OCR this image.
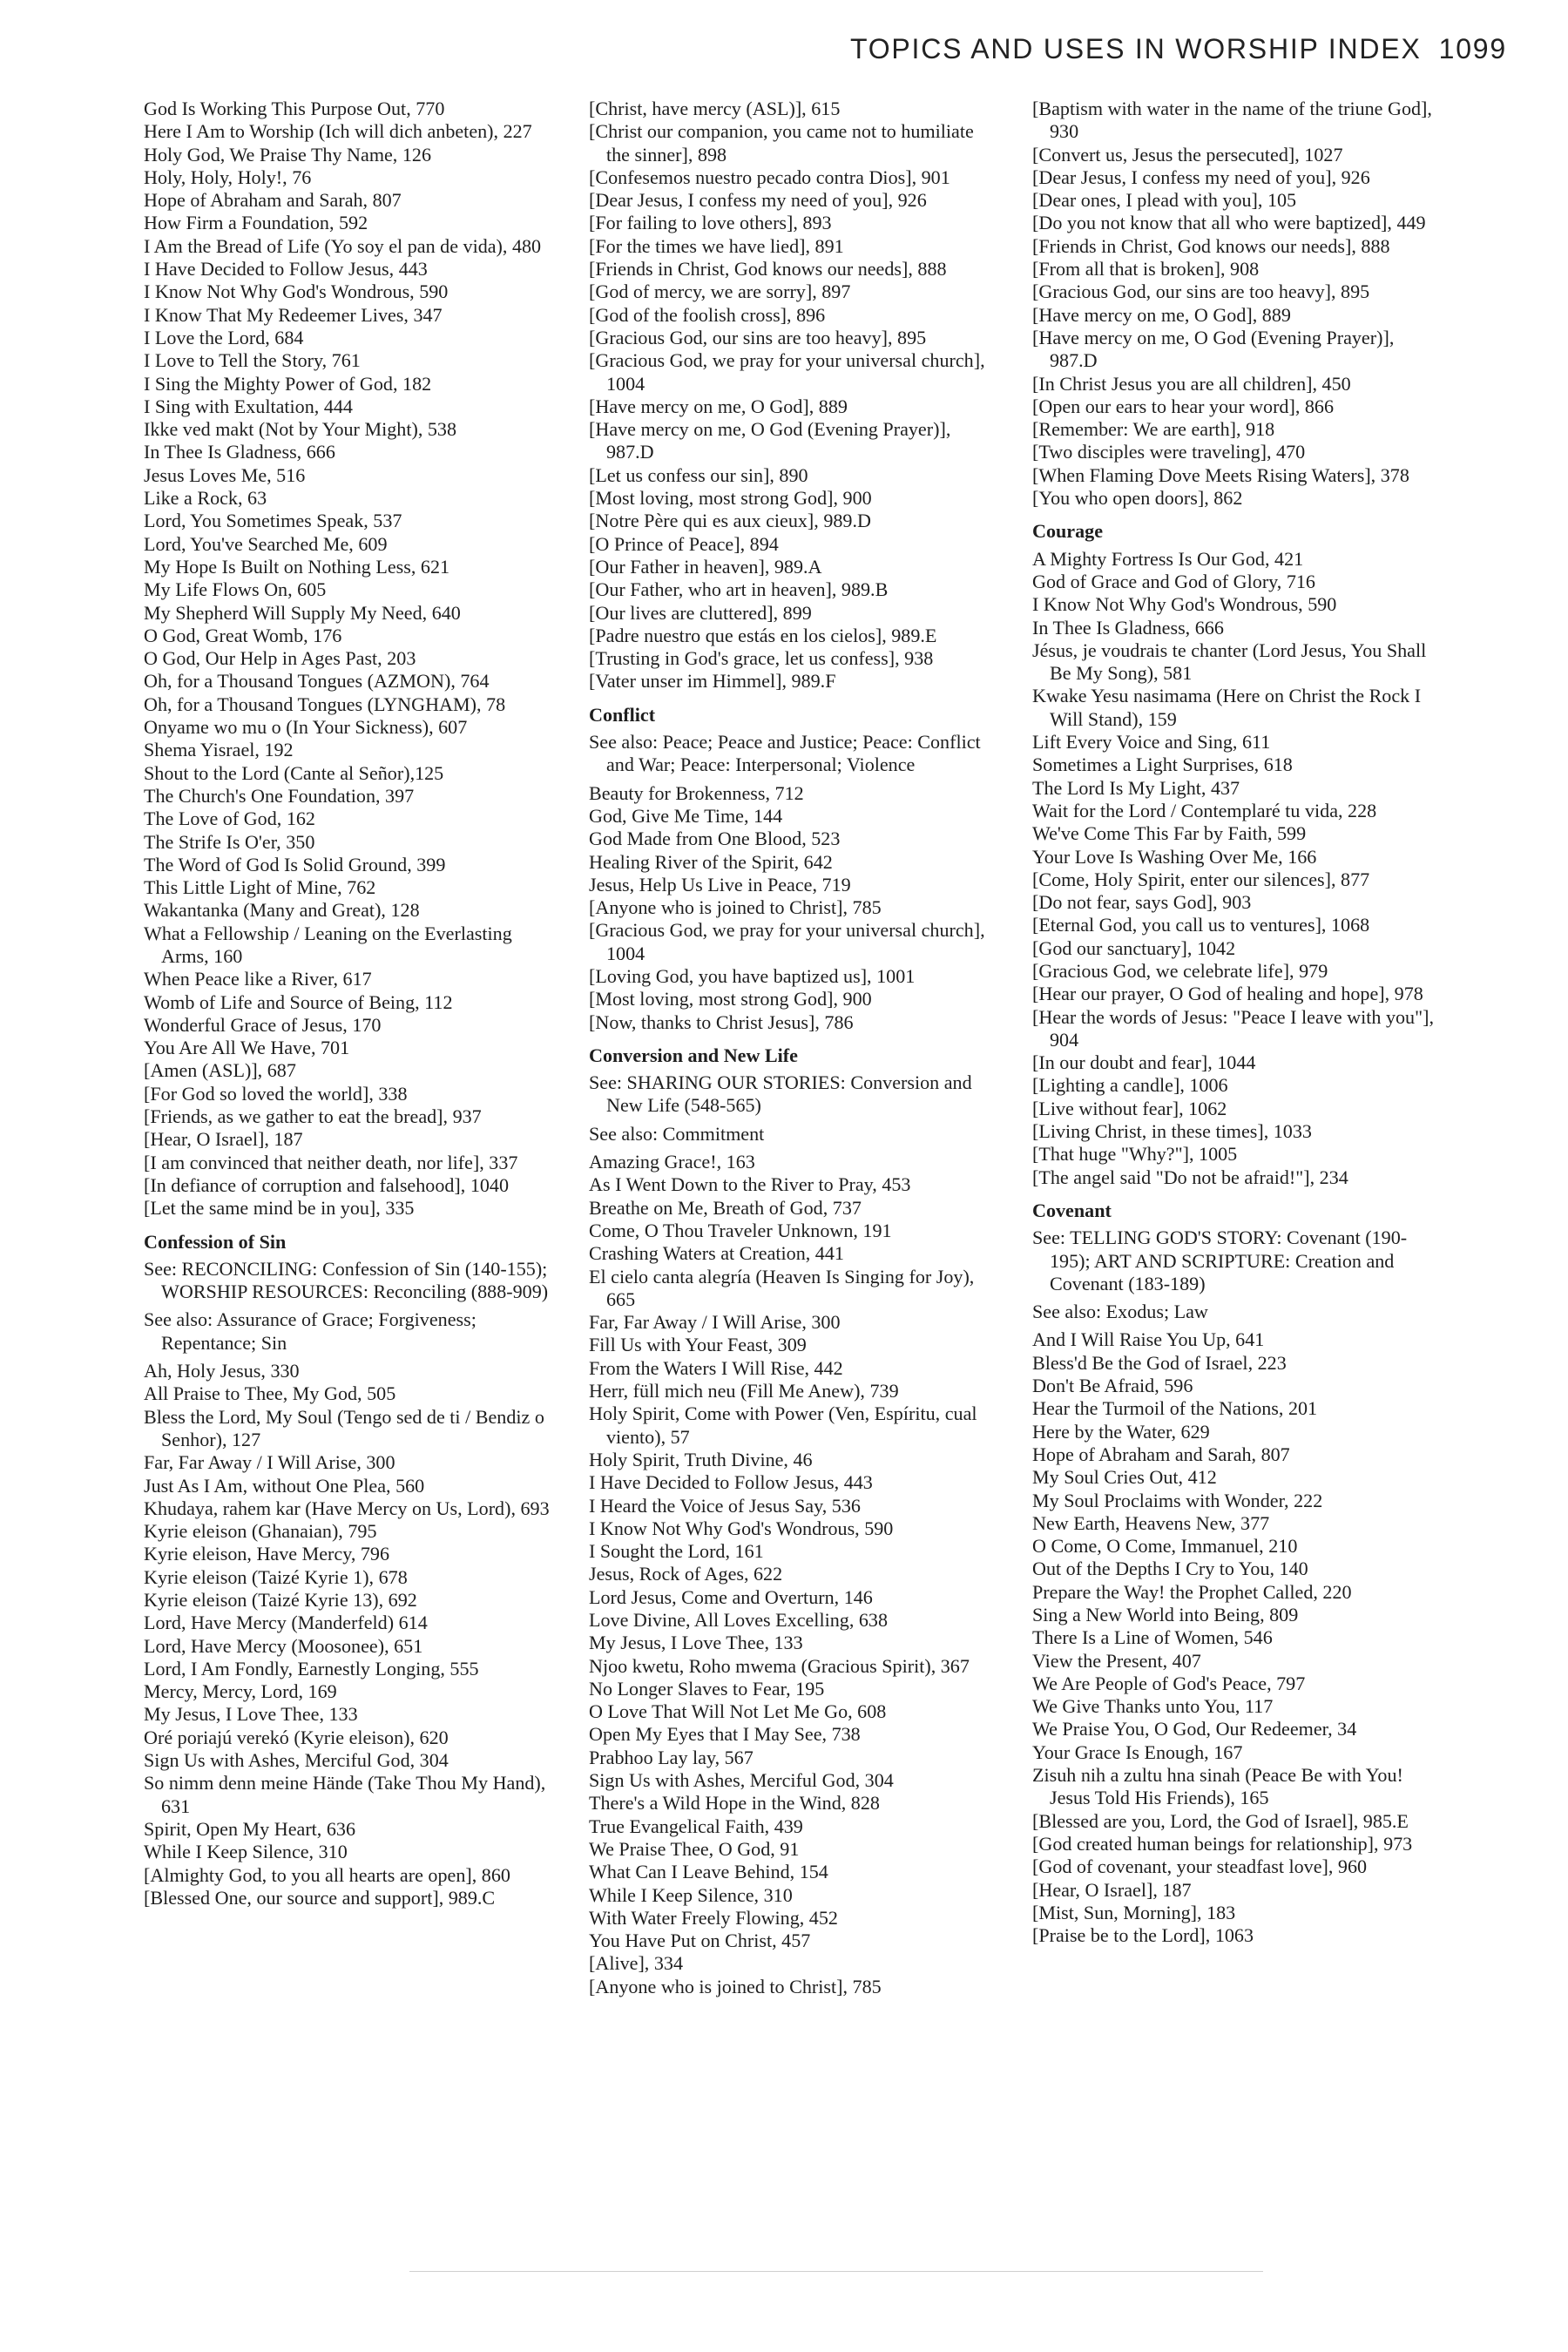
TOPICS AND USES IN WORSHIP INDEX 1099
God Is Working This Purpose Out, 770
Here I Am to Worship (Ich will dich anbeten), 227
Holy God, We Praise Thy Name, 126
Holy, Holy, Holy!, 76
Hope of Abraham and Sarah, 807
How Firm a Foundation, 592
I Am the Bread of Life (Yo soy el pan de vida), 480
I Have Decided to Follow Jesus, 443
I Know Not Why God's Wondrous, 590
I Know That My Redeemer Lives, 347
I Love the Lord, 684
I Love to Tell the Story, 761
I Sing the Mighty Power of God, 182
I Sing with Exultation, 444
Ikke ved makt (Not by Your Might), 538
In Thee Is Gladness, 666
Jesus Loves Me, 516
Like a Rock, 63
Lord, You Sometimes Speak, 537
Lord, You've Searched Me, 609
My Hope Is Built on Nothing Less, 621
My Life Flows On, 605
My Shepherd Will Supply My Need, 640
O God, Great Womb, 176
O God, Our Help in Ages Past, 203
Oh, for a Thousand Tongues (AZMON), 764
Oh, for a Thousand Tongues (LYNGHAM), 78
Onyame wo mu o (In Your Sickness), 607
Shema Yisrael, 192
Shout to the Lord (Cante al Señor),125
The Church's One Foundation, 397
The Love of God, 162
The Strife Is O'er, 350
The Word of God Is Solid Ground, 399
This Little Light of Mine, 762
Wakantanka (Many and Great), 128
What a Fellowship / Leaning on the Everlasting Arms, 160
When Peace like a River, 617
Womb of Life and Source of Being, 112
Wonderful Grace of Jesus, 170
You Are All We Have, 701
[Amen (ASL)], 687
[For God so loved the world], 338
[Friends, as we gather to eat the bread], 937
[Hear, O Israel], 187
[I am convinced that neither death, nor life], 337
[In defiance of corruption and falsehood], 1040
[Let the same mind be in you], 335
Confession of Sin
See: RECONCILING: Confession of Sin (140-155); WORSHIP RESOURCES: Reconciling (888-909)
See also: Assurance of Grace; Forgiveness; Repentance; Sin
Ah, Holy Jesus, 330
All Praise to Thee, My God, 505
Bless the Lord, My Soul (Tengo sed de ti / Bendiz o Senhor), 127
Far, Far Away / I Will Arise, 300
Just As I Am, without One Plea, 560
Khudaya, rahem kar (Have Mercy on Us, Lord), 693
Kyrie eleison (Ghanaian), 795
Kyrie eleison, Have Mercy, 796
Kyrie eleison (Taizé Kyrie 1), 678
Kyrie eleison (Taizé Kyrie 13), 692
Lord, Have Mercy (Manderfeld) 614
Lord, Have Mercy (Moosonee), 651
Lord, I Am Fondly, Earnestly Longing, 555
Mercy, Mercy, Lord, 169
My Jesus, I Love Thee, 133
Oré poriajú verekó (Kyrie eleison), 620
Sign Us with Ashes, Merciful God, 304
So nimm denn meine Hände (Take Thou My Hand), 631
Spirit, Open My Heart, 636
While I Keep Silence, 310
[Almighty God, to you all hearts are open], 860
[Blessed One, our source and support], 989.C
[Christ, have mercy (ASL)], 615
[Christ our companion, you came not to humiliate the sinner], 898
[Confesemos nuestro pecado contra Dios], 901
[Dear Jesus, I confess my need of you], 926
[For failing to love others], 893
[For the times we have lied], 891
[Friends in Christ, God knows our needs], 888
[God of mercy, we are sorry], 897
[God of the foolish cross], 896
[Gracious God, our sins are too heavy], 895
[Gracious God, we pray for your universal church], 1004
[Have mercy on me, O God], 889
[Have mercy on me, O God (Evening Prayer)], 987.D
[Let us confess our sin], 890
[Most loving, most strong God], 900
[Notre Père qui es aux cieux], 989.D
[O Prince of Peace], 894
[Our Father in heaven], 989.A
[Our Father, who art in heaven], 989.B
[Our lives are cluttered], 899
[Padre nuestro que estás en los cielos], 989.E
[Trusting in God's grace, let us confess], 938
[Vater unser im Himmel], 989.F
Conflict
See also: Peace; Peace and Justice; Peace: Conflict and War; Peace: Interpersonal; Violence
Beauty for Brokenness, 712
God, Give Me Time, 144
God Made from One Blood, 523
Healing River of the Spirit, 642
Jesus, Help Us Live in Peace, 719
[Anyone who is joined to Christ], 785
[Gracious God, we pray for your universal church], 1004
[Loving God, you have baptized us], 1001
[Most loving, most strong God], 900
[Now, thanks to Christ Jesus], 786
Conversion and New Life
See: SHARING OUR STORIES: Conversion and New Life (548-565)
See also: Commitment
Amazing Grace!, 163
As I Went Down to the River to Pray, 453
Breathe on Me, Breath of God, 737
Come, O Thou Traveler Unknown, 191
Crashing Waters at Creation, 441
El cielo canta alegría (Heaven Is Singing for Joy), 665
Far, Far Away / I Will Arise, 300
Fill Us with Your Feast, 309
From the Waters I Will Rise, 442
Herr, füll mich neu (Fill Me Anew), 739
Holy Spirit, Come with Power (Ven, Espíritu, cual viento), 57
Holy Spirit, Truth Divine, 46
I Have Decided to Follow Jesus, 443
I Heard the Voice of Jesus Say, 536
I Know Not Why God's Wondrous, 590
I Sought the Lord, 161
Jesus, Rock of Ages, 622
Lord Jesus, Come and Overturn, 146
Love Divine, All Loves Excelling, 638
My Jesus, I Love Thee, 133
Njoo kwetu, Roho mwema (Gracious Spirit), 367
No Longer Slaves to Fear, 195
O Love That Will Not Let Me Go, 608
Open My Eyes that I May See, 738
Prabhoo Lay lay, 567
Sign Us with Ashes, Merciful God, 304
There's a Wild Hope in the Wind, 828
True Evangelical Faith, 439
We Praise Thee, O God, 91
What Can I Leave Behind, 154
While I Keep Silence, 310
With Water Freely Flowing, 452
You Have Put on Christ, 457
[Alive], 334
[Anyone who is joined to Christ], 785
[Baptism with water in the name of the triune God], 930
[Convert us, Jesus the persecuted], 1027
[Dear Jesus, I confess my need of you], 926
[Dear ones, I plead with you], 105
[Do you not know that all who were baptized], 449
[Friends in Christ, God knows our needs], 888
[From all that is broken], 908
[Gracious God, our sins are too heavy], 895
[Have mercy on me, O God], 889
[Have mercy on me, O God (Evening Prayer)], 987.D
[In Christ Jesus you are all children], 450
[Open our ears to hear your word], 866
[Remember: We are earth], 918
[Two disciples were traveling], 470
[When Flaming Dove Meets Rising Waters], 378
[You who open doors], 862
Courage
A Mighty Fortress Is Our God, 421
God of Grace and God of Glory, 716
I Know Not Why God's Wondrous, 590
In Thee Is Gladness, 666
Jésus, je voudrais te chanter (Lord Jesus, You Shall Be My Song), 581
Kwake Yesu nasimama (Here on Christ the Rock I Will Stand), 159
Lift Every Voice and Sing, 611
Sometimes a Light Surprises, 618
The Lord Is My Light, 437
Wait for the Lord / Contemplaré tu vida, 228
We've Come This Far by Faith, 599
Your Love Is Washing Over Me, 166
[Come, Holy Spirit, enter our silences], 877
[Do not fear, says God], 903
[Eternal God, you call us to ventures], 1068
[God our sanctuary], 1042
[Gracious God, we celebrate life], 979
[Hear our prayer, O God of healing and hope], 978
[Hear the words of Jesus: "Peace I leave with you"], 904
[In our doubt and fear], 1044
[Lighting a candle], 1006
[Live without fear], 1062
[Living Christ, in these times], 1033
[That huge "Why?"], 1005
[The angel said "Do not be afraid!"], 234
Covenant
See: TELLING GOD'S STORY: Covenant (190-195); ART AND SCRIPTURE: Creation and Covenant (183-189)
See also: Exodus; Law
And I Will Raise You Up, 641
Bless'd Be the God of Israel, 223
Don't Be Afraid, 596
Hear the Turmoil of the Nations, 201
Here by the Water, 629
Hope of Abraham and Sarah, 807
My Soul Cries Out, 412
My Soul Proclaims with Wonder, 222
New Earth, Heavens New, 377
O Come, O Come, Immanuel, 210
Out of the Depths I Cry to You, 140
Prepare the Way! the Prophet Called, 220
Sing a New World into Being, 809
There Is a Line of Women, 546
View the Present, 407
We Are People of God's Peace, 797
We Give Thanks unto You, 117
We Praise You, O God, Our Redeemer, 34
Your Grace Is Enough, 167
Zisuh nih a zultu hna sinah (Peace Be with You! Jesus Told His Friends), 165
[Blessed are you, Lord, the God of Israel], 985.E
[God created human beings for relationship], 973
[God of covenant, your steadfast love], 960
[Hear, O Israel], 187
[Mist, Sun, Morning], 183
[Praise be to the Lord], 1063
